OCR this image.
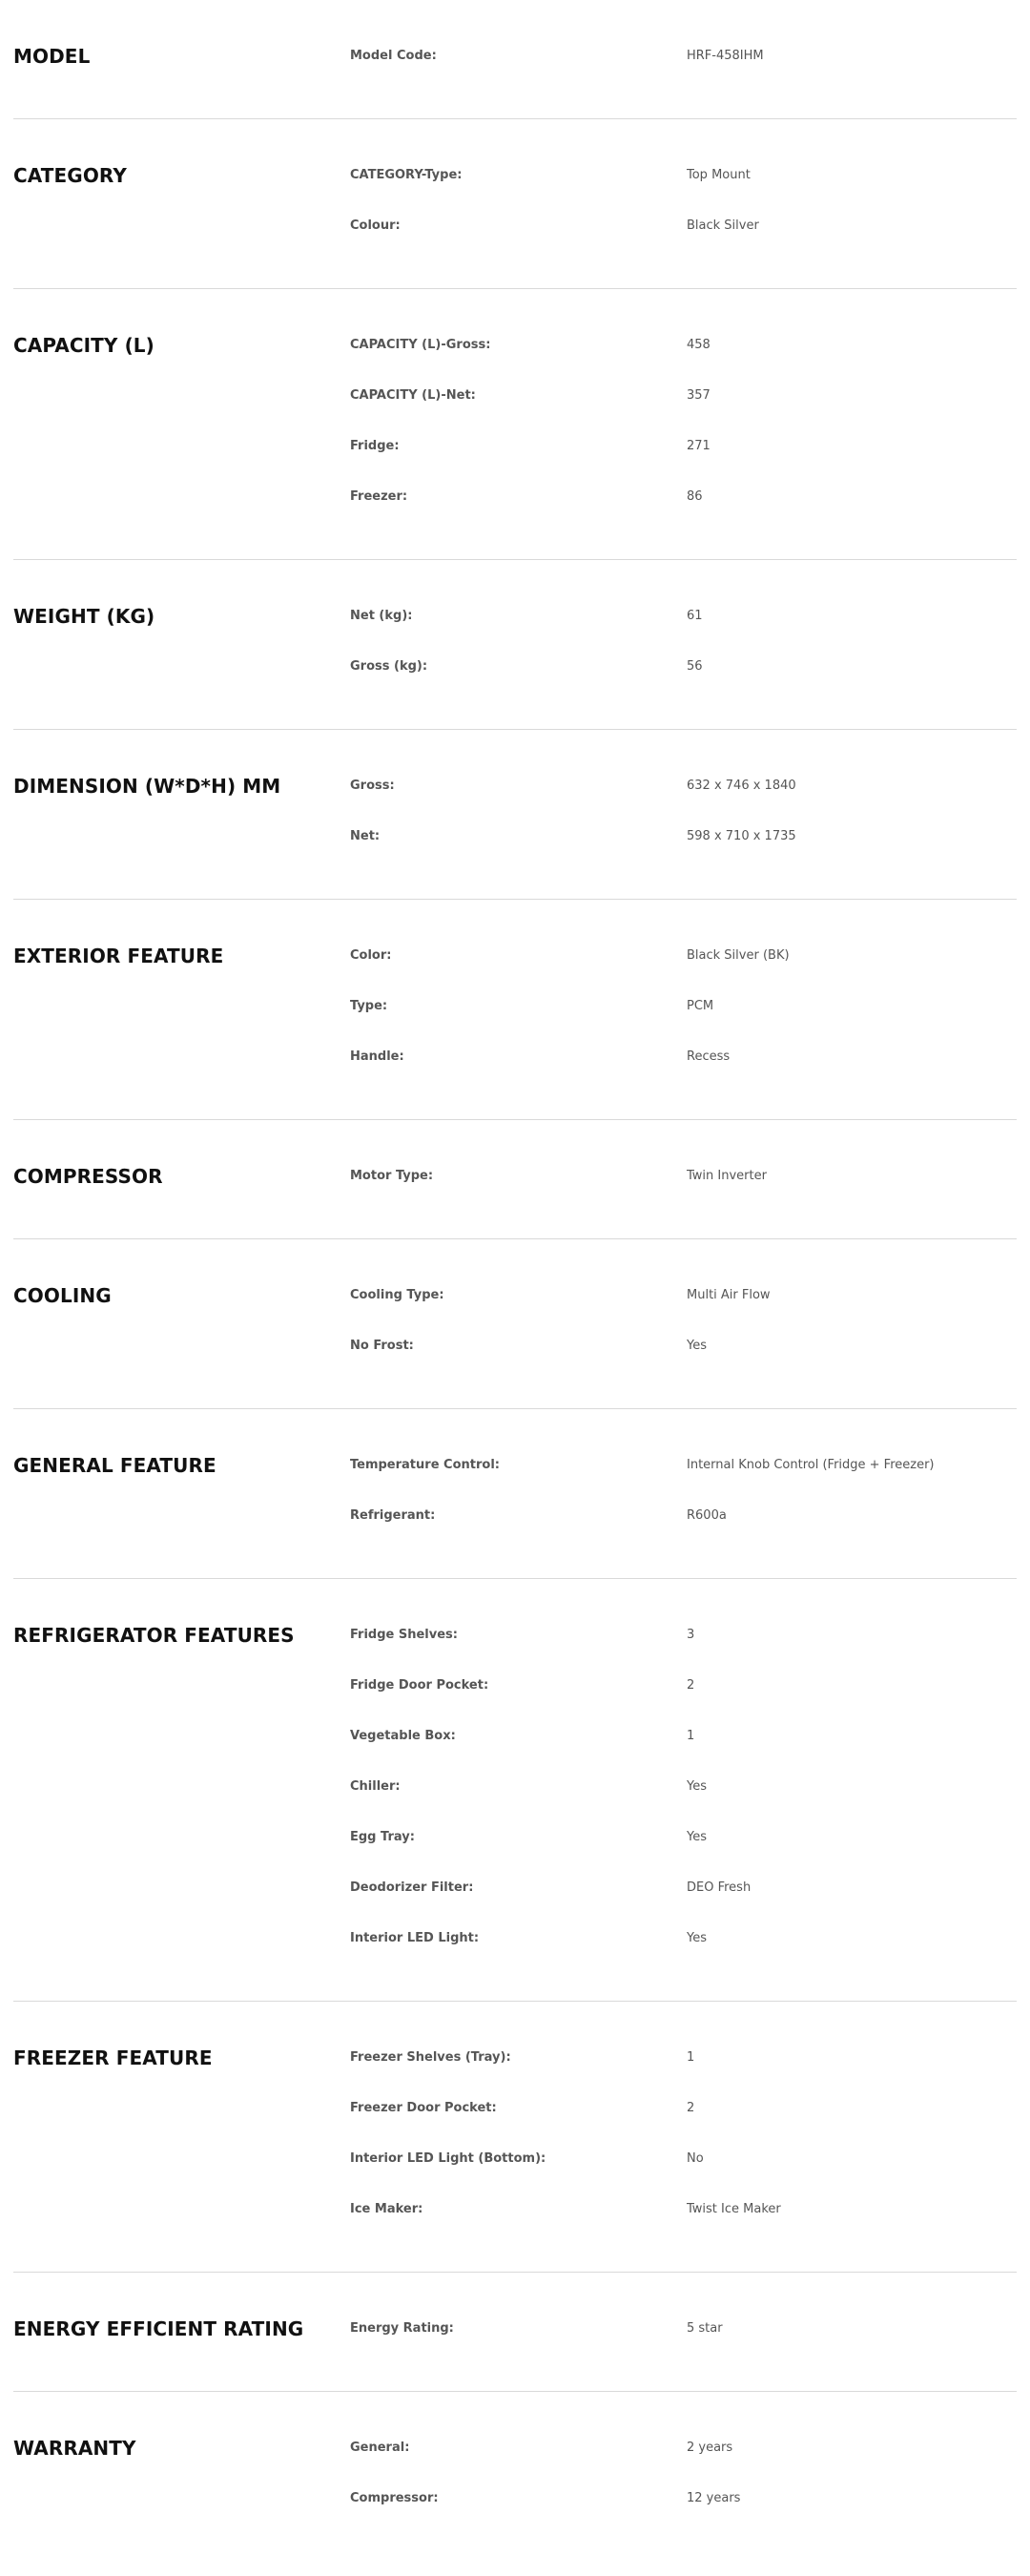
MODEL	Model Code:	HRF-458IHM
CATEGORY	CATEGORY-Type:	Top Mount
Colour:	Black Silver
CAPACITY (L)	CAPACITY (L)-Gross:	458
CAPACITY (L)-Net:	357
Fridge:	271
Freezer:	86
WEIGHT (KG)	Net (kg):	61
Gross (kg):	56
DIMENSION (W*D*H) MM	Gross:	632 x 746 x 1840
Net:	598 x 710 x 1735
EXTERIOR FEATURE	Color:	Black Silver (BK)
Type:	PCM
Handle:	Recess
COMPRESSOR	Motor Type:	Twin Inverter
COOLING	Cooling Type:	Multi Air Flow
No Frost:	Yes
GENERAL FEATURE	Temperature Control:	Internal Knob Control (Fridge + Freezer)
Refrigerant:	R600a
REFRIGERATOR FEATURES	Fridge Shelves:	3
Fridge Door Pocket:	2
Vegetable Box:	1
Chiller:	Yes
Egg Tray:	Yes
Deodorizer Filter:	DEO Fresh
Interior LED Light:	Yes
FREEZER FEATURE	Freezer Shelves (Tray):	1
Freezer Door Pocket:	2
Interior LED Light (Bottom):	No
Ice Maker:	Twist Ice Maker
ENERGY EFFICIENT RATING	Energy Rating:	5 star
WARRANTY	General:	2 years
Compressor:	12 years
